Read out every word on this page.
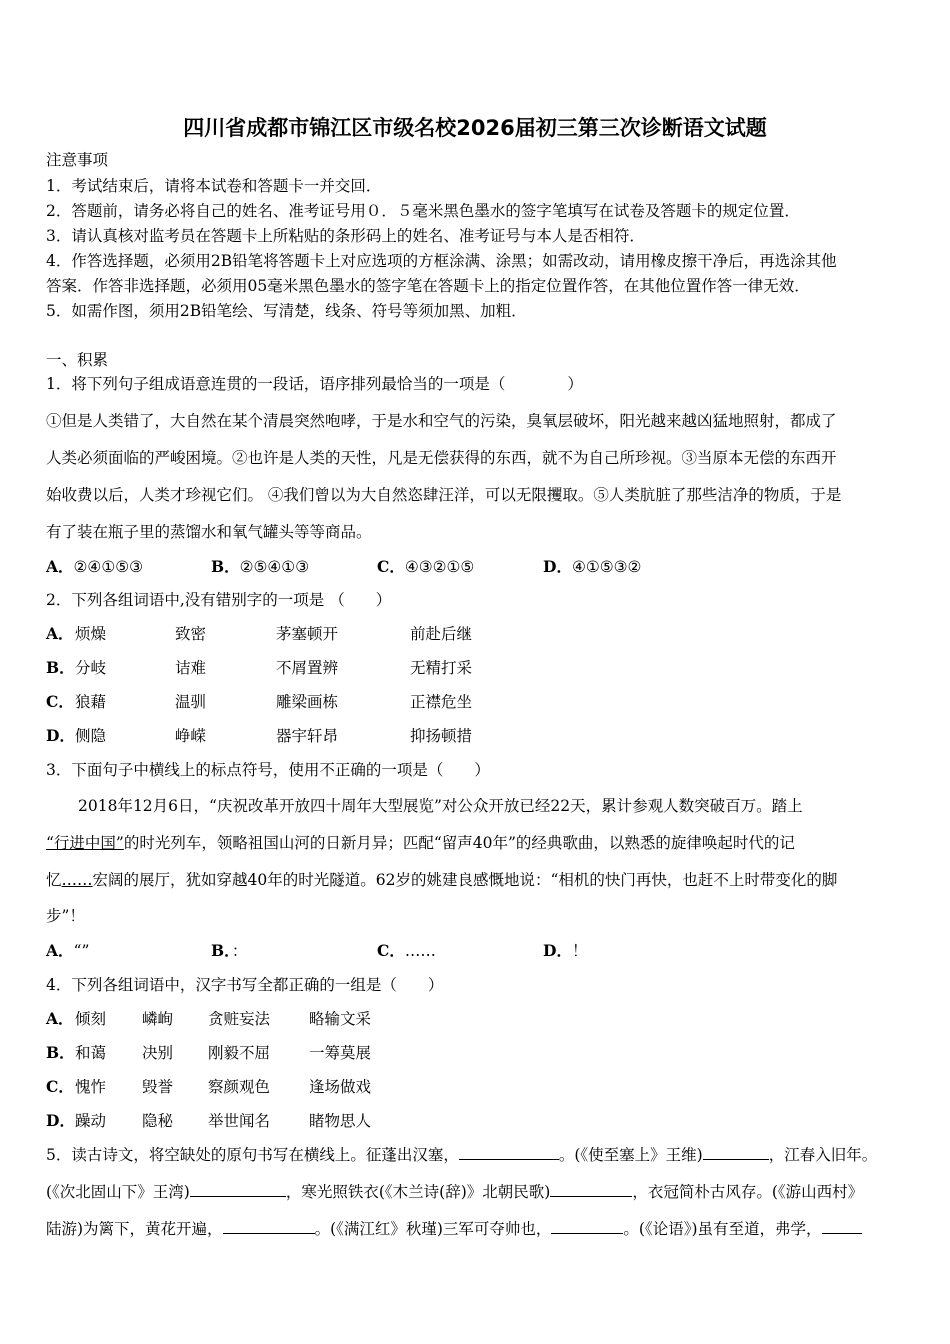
四川省成都市锦江区市级名校2026届初三第三次诊断语文试题
注意事项
1．考试结束后，请将本试卷和答题卡一并交回．
2．答题前，请务必将自己的姓名、准考证号用０．５毫米黑色墨水的签字笔填写在试卷及答题卡的规定位置．
3．请认真核对监考员在答题卡上所粘贴的条形码上的姓名、准考证号与本人是否相符．
4．作答选择题，必须用2B铅笔将答题卡上对应选项的方框涂满、涂黑；如需改动，请用橡皮擦干净后，再选涂其他
答案．作答非选择题，必须用05毫米黑色墨水的签字笔在答题卡上的指定位置作答，在其他位置作答一律无效．
5．如需作图，须用2B铅笔绘、写清楚，线条、符号等须加黑、加粗．
一、积累
1．将下列句子组成语意连贯的一段话，语序排列最恰当的一项是（　　　　）
①但是人类错了，大自然在某个清晨突然咆哮，于是水和空气的污染，臭氧层破坏，阳光越来越凶猛地照射，都成了
人类必须面临的严峻困境。②也许是人类的天性，凡是无偿获得的东西，就不为自己所珍视。③当原本无偿的东西开
始收费以后，人类才珍视它们。 ④我们曾以为大自然恣肆汪洋，可以无限攫取。⑤人类肮脏了那些洁净的物质，于是
有了装在瓶子里的蒸馏水和氧气罐头等等商品。
A．②④①⑤③	B．②⑤④①③	C．④③②①⑤	D．④①⑤③②
2．下列各组词语中,没有错别字的一项是 （　　）
A． 烦燥	致密	茅塞顿开	前赴后继
B． 分岐	诘难	不屑置辨	无精打采
C． 狼藉	温驯	雕梁画栋	正襟危坐
D． 侧隐	峥嵘	器宇轩昂	抑扬顿措
3．下面句子中横线上的标点符号，使用不正确的一项是（　　）
2018年12月6日，“庆祝改革开放四十周年大型展览”对公众开放已经22天，累计参观人数突破百万。踏上
“行进中国”的时光列车，领略祖国山河的日新月异；匹配“留声40年”的经典歌曲，以熟悉的旋律唤起时代的记
忆……宏阔的展厅，犹如穿越40年的时光隧道。62岁的姚建良感慨地说：“相机的快门再快，也赶不上时带变化的脚
步”！
A．“”	B．：	C．……	D．！
4．下列各组词语中，汉字书写全都正确的一组是（　　）
A． 倾刻 嶙峋 贪赃妄法	略输文采
B． 和蔼 决别 刚毅不屈	一筹莫展
C． 愧怍 毁誉 察颜观色	逢场做戏
D． 躁动 隐秘 举世闻名	睹物思人
5．读古诗文，将空缺处的原句书写在横线上。征蓬出汉塞，	。(《使至塞上》王维)	，江春入旧年。
(《次北固山下》王湾)	，寒光照铁衣(《木兰诗(辞)》北朝民歌)	，衣冠简朴古风存。(《游山西村》
陆游)为篱下，黄花开遍，	。(《满江红》秋瑾)三军可夺帅也，	。(《论语》)虽有至道，弗学，
